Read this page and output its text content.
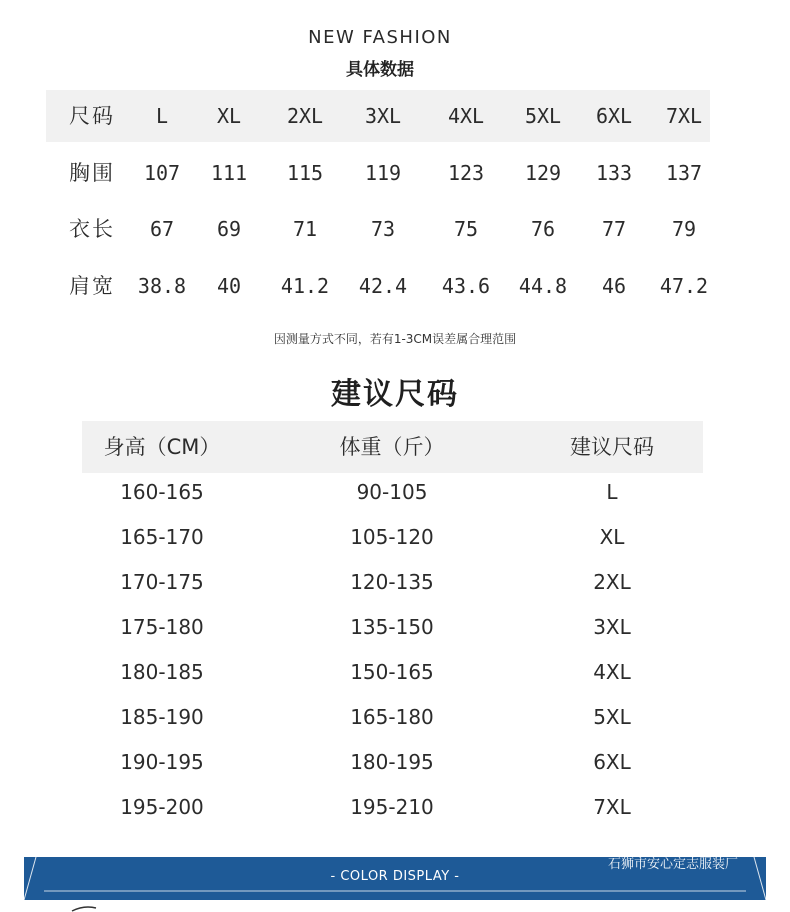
NEW FASHION
具体数据
尺码 L XL 2XL 3XL 4XL 5XL 6XL 7XL
胸围 107 111 115 119 123 129 133 137
衣长 67 69	71	73	75	76 77 79
肩宽 38.8 40 41.2 42.4 43.6 44.8 46 47.2
因测量方式不同，若有1-3CM误差属合理范围
建议尺码
身高（CM）	体重（斤）	建议尺码
160-165	90-105	L
165-170	105-120	XL
170-175	120-135	2XL
175-180	135-150	3XL
180-185	150-165	4XL
185-190	165-180	5XL
190-195	180-195	6XL
195-200	195-210	7XL
- COLOR DISPLAY -
石狮市安心定志服装厂
